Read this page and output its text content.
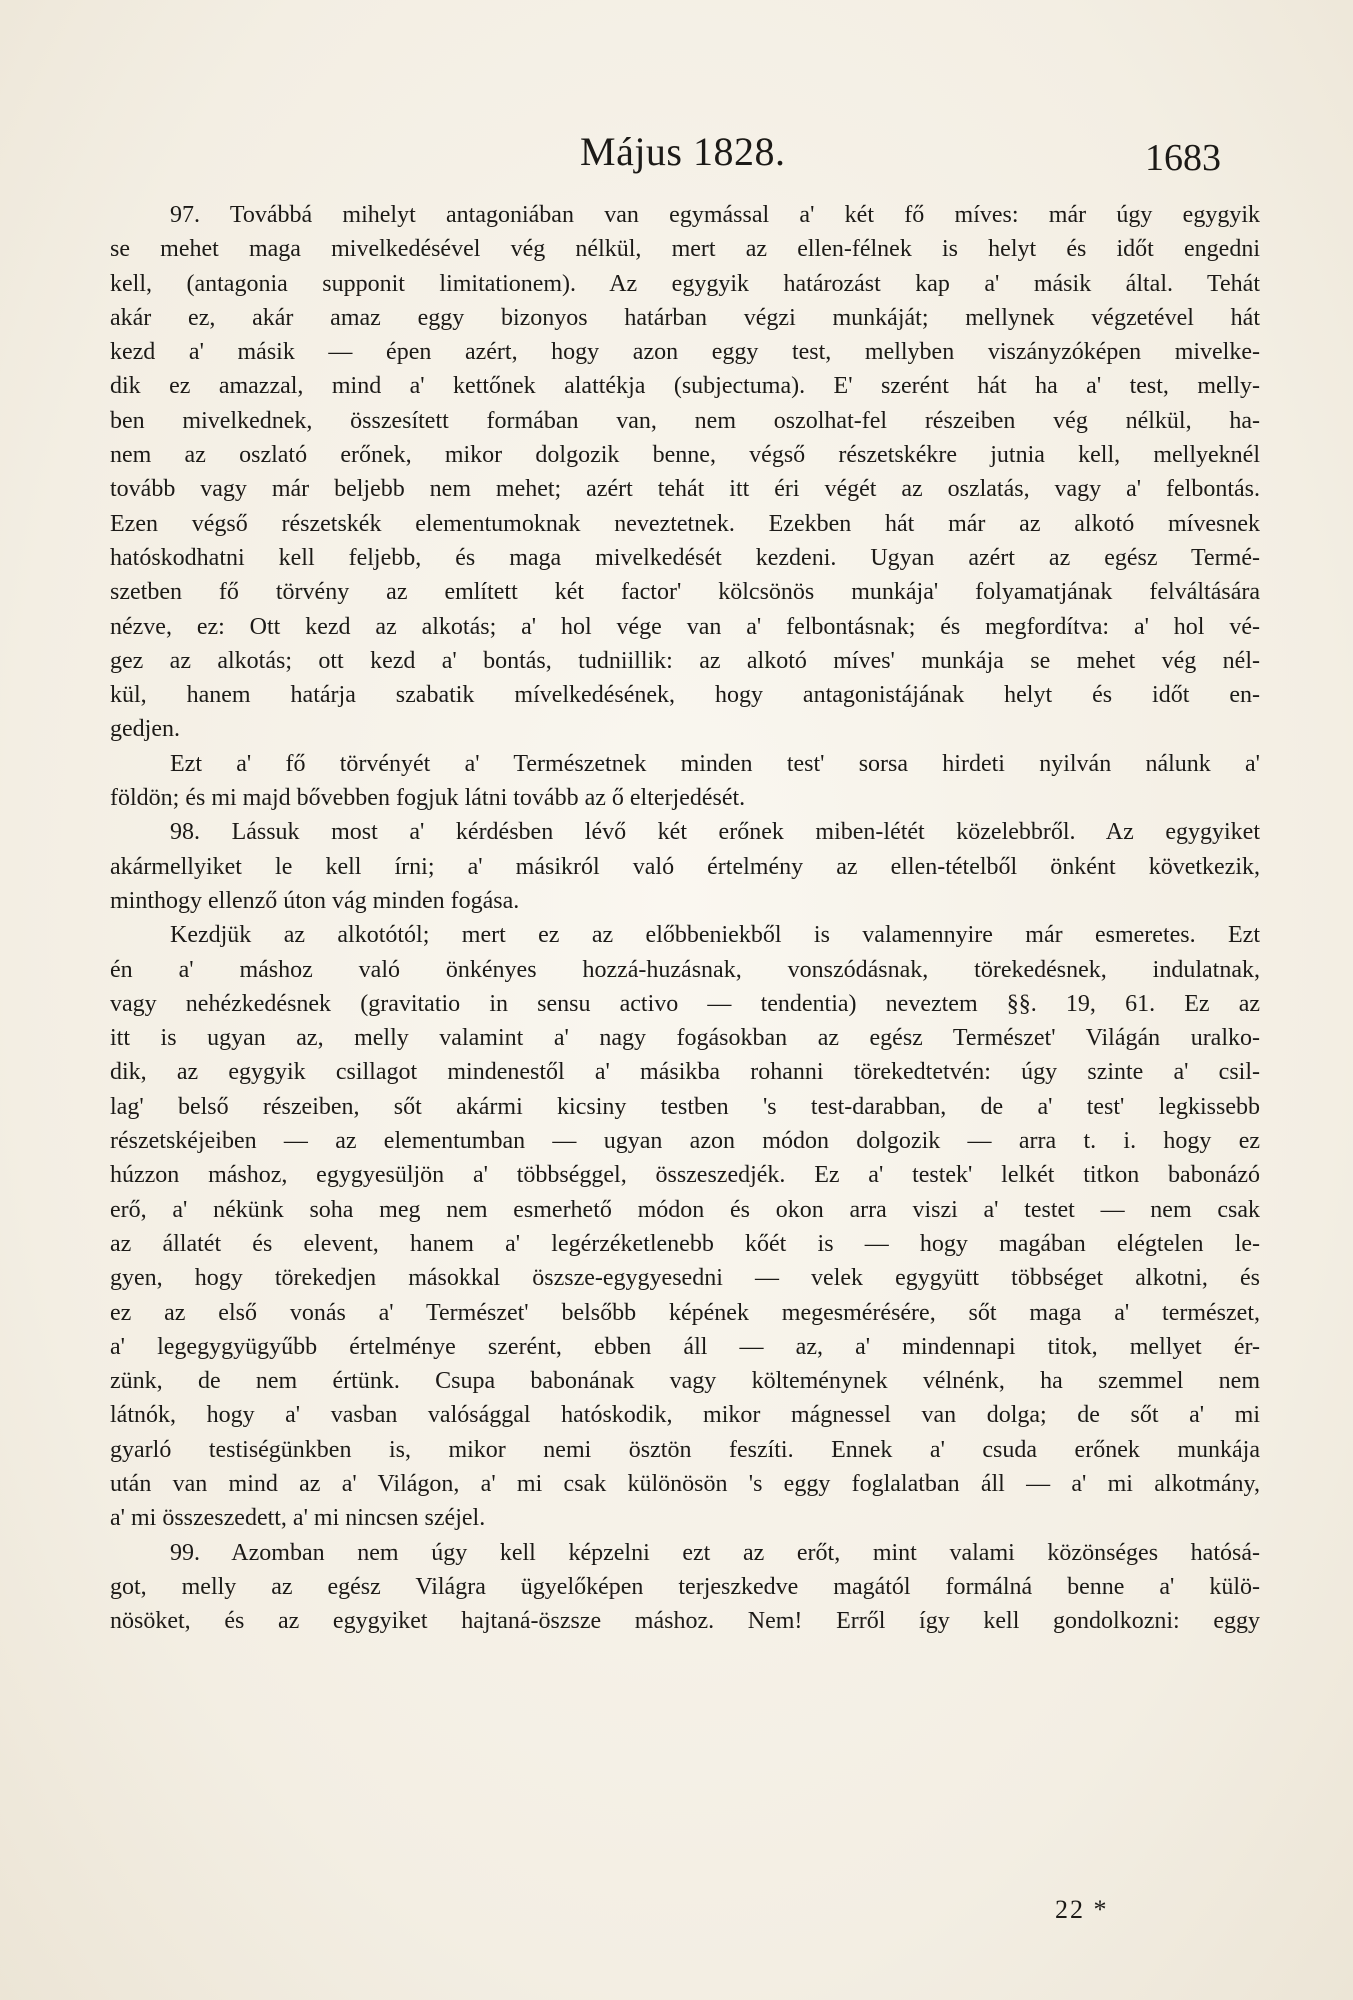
Május 1828.	1683
97. Továbbá mihelyt antagoniában van egymással a' két fő míves: már úgy egygyik
se mehet maga mivelkedésével vég nélkül, mert az ellen-félnek is helyt és időt engedni
kell, (antagonia supponit limitationem). Az egygyik határozást kap a' másik által. Tehát
akár ez, akár amaz eggy bizonyos határban végzi munkáját; mellynek végzetével hát
kezd a' másik — épen azért, hogy azon eggy test, mellyben viszányzóképen mivelke-
dik ez amazzal, mind a' kettőnek alattékja (subjectuma). E' szerént hát ha a' test, melly-
ben mivelkednek, összesített formában van, nem oszolhat-fel részeiben vég nélkül, ha-
nem az oszlató erőnek, mikor dolgozik benne, végső részetskékre jutnia kell, mellyeknél
tovább vagy már beljebb nem mehet; azért tehát itt éri végét az oszlatás, vagy a' felbontás.
Ezen végső részetskék elementumoknak neveztetnek. Ezekben hát már az alkotó mívesnek
hatóskodhatni kell feljebb, és maga mivelkedését kezdeni. Ugyan azért az egész Termé-
szetben fő törvény az említett két factor' kölcsönös munkája' folyamatjának felváltására
nézve, ez: Ott kezd az alkotás; a' hol vége van a' felbontásnak; és megfordítva: a' hol vé-
gez az alkotás; ott kezd a' bontás, tudniillik: az alkotó míves' munkája se mehet vég nél-
kül, hanem határja szabatik mívelkedésének, hogy antagonistájának helyt és időt en-
gedjen.
Ezt a' fő törvényét a' Természetnek minden test' sorsa hirdeti nyilván nálunk a'
földön; és mi majd bővebben fogjuk látni tovább az ő elterjedését.
98. Lássuk most a' kérdésben lévő két erőnek miben-létét közelebbről. Az egygyiket
akármellyiket le kell írni; a' másikról való értelmény az ellen-tételből önként következik,
minthogy ellenző úton vág minden fogása.
Kezdjük az alkotótól; mert ez az előbbeniekből is valamennyire már esmeretes. Ezt
én a' máshoz való önkényes hozzá-huzásnak, vonszódásnak, törekedésnek, indulatnak,
vagy nehézkedésnek (gravitatio in sensu activo — tendentia) neveztem §§. 19, 61. Ez az
itt is ugyan az, melly valamint a' nagy fogásokban az egész Természet' Világán uralko-
dik, az egygyik csillagot mindenestől a' másikba rohanni törekedtetvén: úgy szinte a' csil-
lag' belső részeiben, sőt akármi kicsiny testben 's test-darabban, de a' test' legkissebb
részetskéjeiben — az elementumban — ugyan azon módon dolgozik — arra t. i. hogy ez
húzzon máshoz, egygyesüljön a' többséggel, összeszedjék. Ez a' testek' lelkét titkon babonázó
erő, a' nékünk soha meg nem esmerhető módon és okon arra viszi a' testet — nem csak
az állatét és elevent, hanem a' legérzéketlenebb kőét is — hogy magában elégtelen le-
gyen, hogy törekedjen másokkal öszsze-egygyesedni — velek egygyütt többséget alkotni, és
ez az első vonás a' Természet' belsőbb képének megesmérésére, sőt maga a' természet,
a' legegygyügyűbb értelménye szerént, ebben áll — az, a' mindennapi titok, mellyet ér-
zünk, de nem értünk. Csupa babonának vagy költeménynek vélnénk, ha szemmel nem
látnók, hogy a' vasban valósággal hatóskodik, mikor mágnessel van dolga; de sőt a' mi
gyarló testiségünkben is, mikor nemi ösztön feszíti. Ennek a' csuda erőnek munkája
után van mind az a' Világon, a' mi csak különösön 's eggy foglalatban áll — a' mi alkotmány,
a' mi összeszedett, a' mi nincsen széjel.
99. Azomban nem úgy kell képzelni ezt az erőt, mint valami közönséges hatósá-
got, melly az egész Világra ügyelőképen terjeszkedve magától formálná benne a' külö-
nösöket, és az egygyiket hajtaná-öszsze máshoz. Nem! Erről így kell gondolkozni: eggy
22 *
